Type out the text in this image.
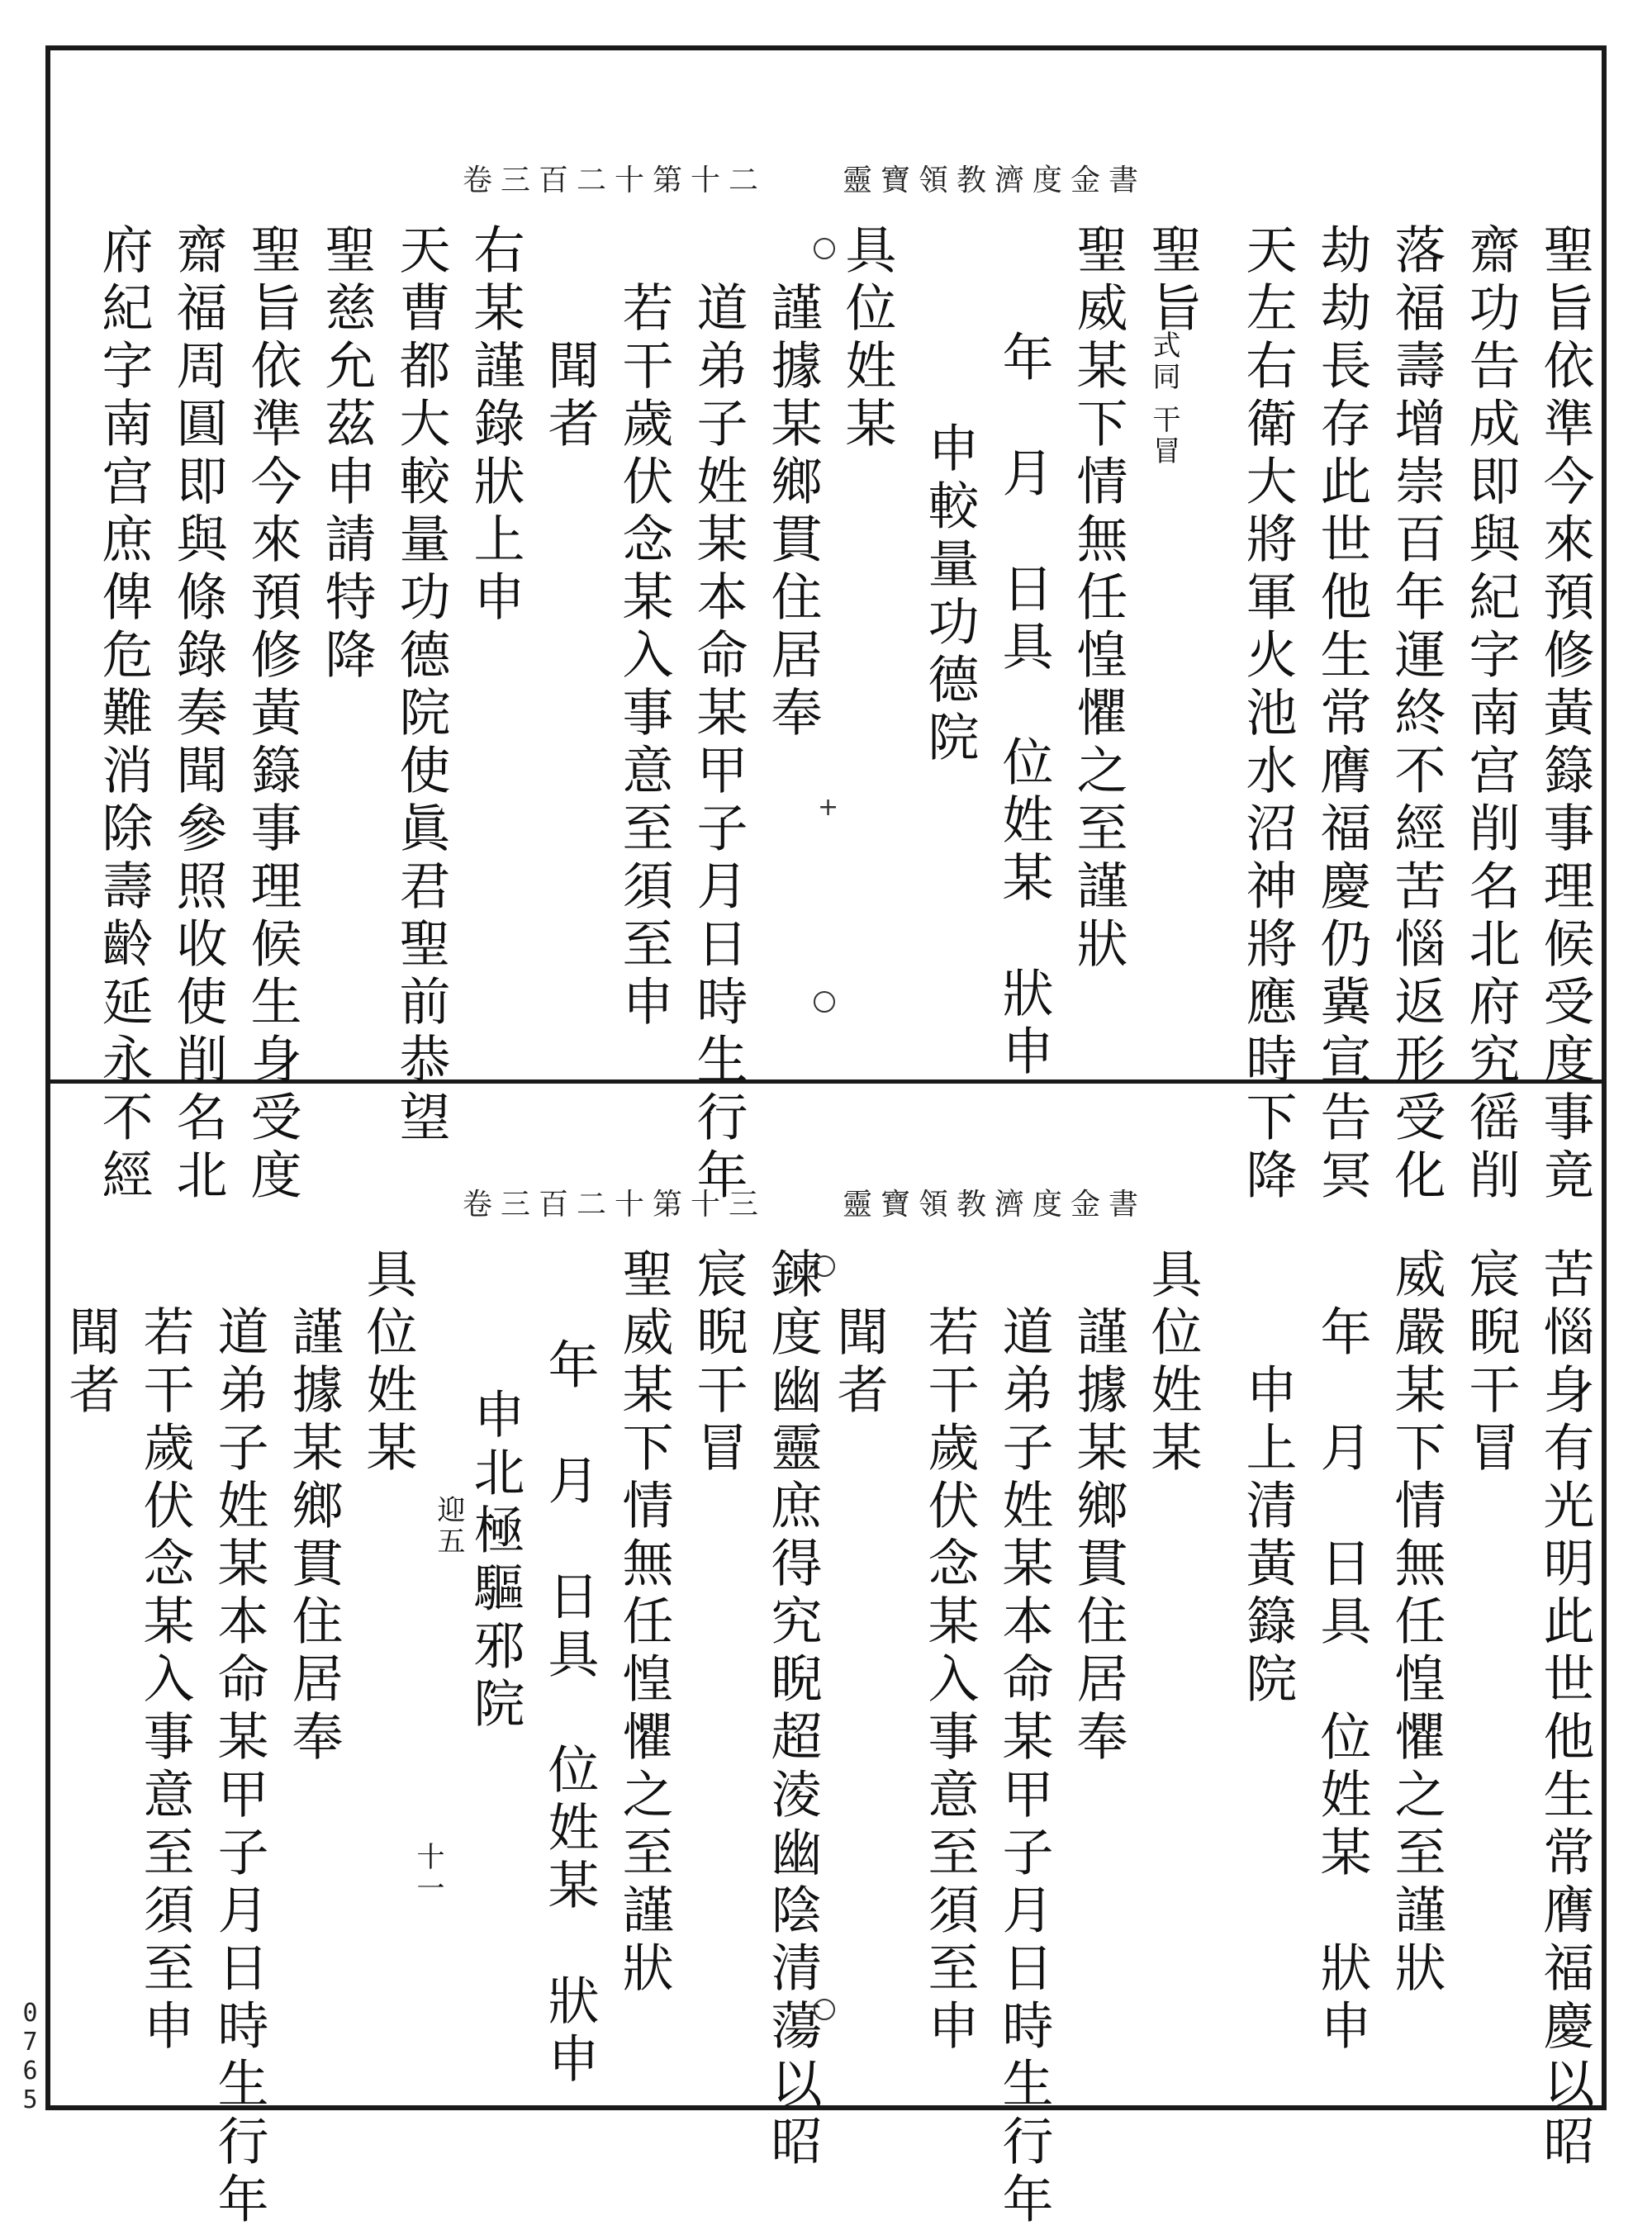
靈寶領教濟度金書
卷三百二十第十二
聖旨依準今來預修黃籙事理候受度事竟
齋功告成即與紀字南宫削名北府究徭削
落福壽增崇百年運終不經苦惱返形受化
劫劫長存此世他生常膺福慶仍冀宣告冥
天左右衛大將軍火池水沼神將應時下降
聖旨
式同
干冒
聖威某下情無任惶懼之至謹狀
年　月　日具　位姓某　狀申
申較量功德院
具位姓某
謹據某鄉貫住居奉
道弟子姓某本命某甲子月日時生行年
若干歲伏念某入事意至須至申
聞者
右某謹錄狀上申
天曹都大較量功德院使眞君聖前恭望
聖慈允茲申請特降
聖旨依準今來預修黃籙事理候生身受度
齋福周圓即與條錄奏聞參照收使削名北
府紀字南宫庶俾危難消除壽齡延永不經	+
靈寶領教濟度金書
卷三百二十第十三
苦惱身有光明此世他生常膺福慶以昭
宸睨干冒
威嚴某下情無任惶懼之至謹狀
年　月　日具　位姓某　狀申
申上清黃籙院
具位姓某
謹據某鄉貫住居奉
道弟子姓某本命某甲子月日時生行年
若干歲伏念某入事意至須至申
聞者
鍊度幽靈庶得究睨超淩幽陰清蕩以昭
宸睨干冒
聖威某下情無任惶懼之至謹狀
年　月　日具　位姓某　狀申
申北極驅邪院
迎五
十一
具位姓某
謹據某鄉貫住居奉
道弟子姓某本命某甲子月日時生行年
若干歲伏念某入事意至須至申
聞者
0765
